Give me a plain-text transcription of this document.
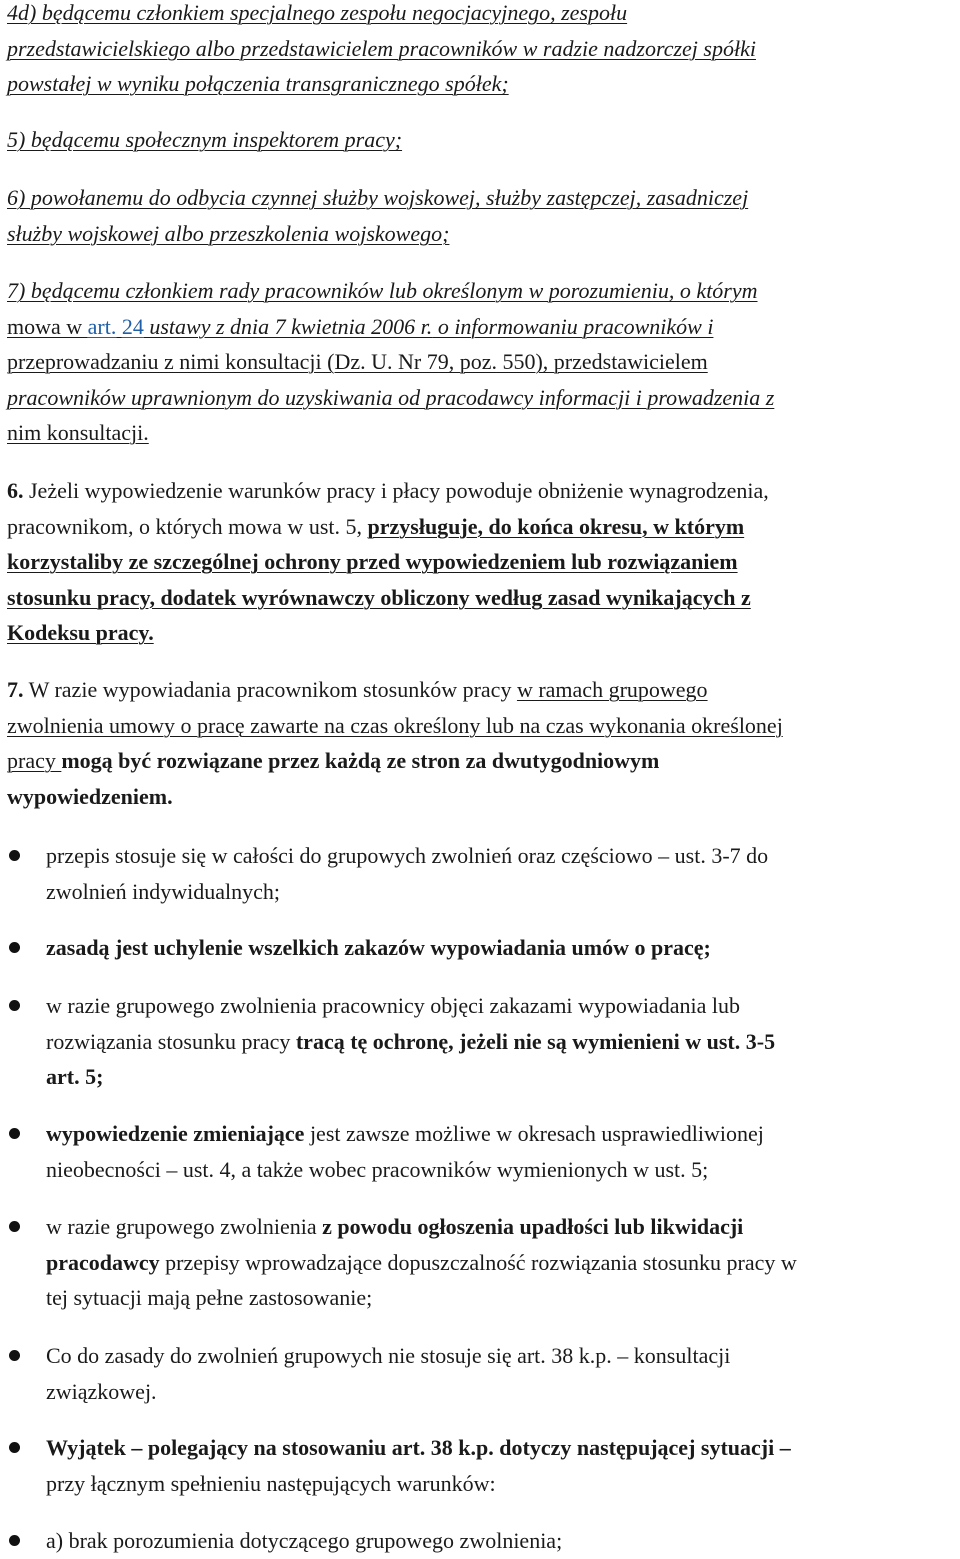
4d) będącemu członkiem specjalnego zespołu negocjacyjnego, zespołu
przedstawicielskiego albo przedstawicielem pracowników w radzie nadzorczej spółki
powstałej w wyniku połączenia transgranicznego spółek;

5) będącemu społecznym inspektorem pracy;

6) powołanemu do odbycia czynnej służby wojskowej, służby zastępczej, zasadniczej
służby wojskowej albo przeszkolenia wojskowego;

7) będącemu członkiem rady pracowników lub określonym w porozumieniu, o którym
mowa w art. 24 ustawy z dnia 7 kwietnia 2006 r. o informowaniu pracowników i
przeprowadzaniu z nimi konsultacji (Dz. U. Nr 79, poz. 550), przedstawicielem
pracowników uprawnionym do uzyskiwania od pracodawcy informacji i prowadzenia z
nim konsultacji.

6. Jeżeli wypowiedzenie warunków pracy i płacy powoduje obniżenie wynagrodzenia,
pracownikom, o których mowa w ust. 5, przysługuje, do końca okresu, w którym
korzystaliby ze szczególnej ochrony przed wypowiedzeniem lub rozwiązaniem
stosunku pracy, dodatek wyrównawczy obliczony według zasad wynikających z
Kodeksu pracy.

7. W razie wypowiadania pracownikom stosunków pracy w ramach grupowego
zwolnienia umowy o pracę zawarte na czas określony lub na czas wykonania określonej
pracy mogą być rozwiązane przez każdą ze stron za dwutygodniowym
wypowiedzeniem.

przepis stosuje się w całości do grupowych zwolnień oraz częściowo – ust. 3-7 do
zwolnień indywidualnych;

zasadą jest uchylenie wszelkich zakazów wypowiadania umów o pracę;

w razie grupowego zwolnienia pracownicy objęci zakazami wypowiadania lub
rozwiązania stosunku pracy tracą tę ochronę, jeżeli nie są wymienieni w ust. 3-5
art. 5;

wypowiedzenie zmieniające jest zawsze możliwe w okresach usprawiedliwionej
nieobecności – ust. 4, a także wobec pracowników wymienionych w ust. 5;

w razie grupowego zwolnienia z powodu ogłoszenia upadłości lub likwidacji
pracodawcy przepisy wprowadzające dopuszczalność rozwiązania stosunku pracy w
tej sytuacji mają pełne zastosowanie;

Co do zasady do zwolnień grupowych nie stosuje się art. 38 k.p. – konsultacji
związkowej.

Wyjątek – polegający na stosowaniu art. 38 k.p. dotyczy następującej sytuacji –
przy łącznym spełnieniu następujących warunków:

a) brak porozumienia dotyczącego grupowego zwolnienia;
